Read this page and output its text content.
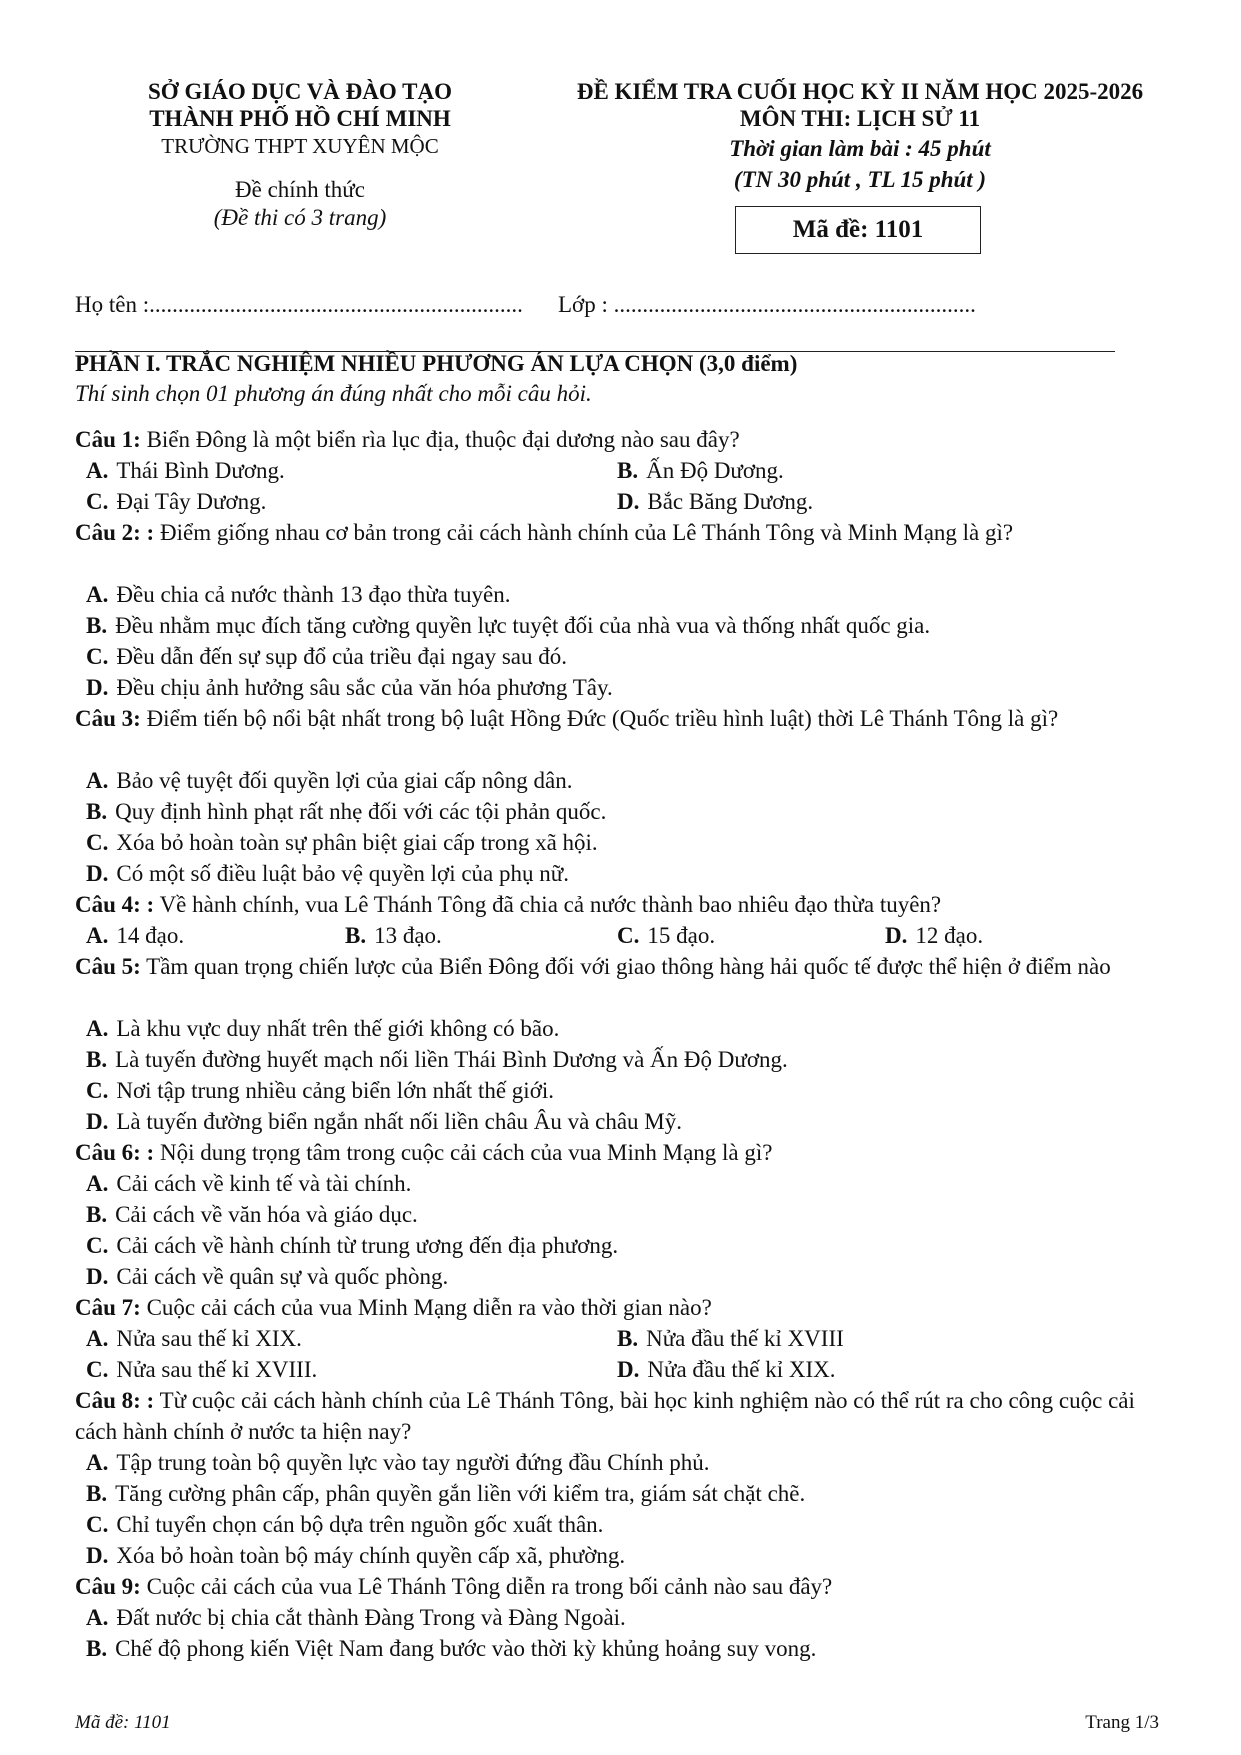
SỞ GIÁO DỤC VÀ ĐÀO TẠO
THÀNH PHỐ HỒ CHÍ MINH
TRƯỜNG THPT XUYÊN MỘC
Đề chính thức
(Đề thi có 3 trang)
ĐỀ KIỂM TRA CUỐI HỌC KỲ II NĂM HỌC 2025-2026
MÔN THI: LỊCH SỬ 11
Thời gian làm bài : 45 phút
(TN 30 phút , TL 15 phút )
Mã đề: 1101
Họ tên :................................................................. Lớp : ...............................................................
PHẦN I. TRẮC NGHIỆM NHIỀU PHƯƠNG ÁN LỰA CHỌN (3,0 điểm)
Thí sinh chọn 01 phương án đúng nhất cho mỗi câu hỏi.
Câu 1: Biển Đông là một biển rìa lục địa, thuộc đại dương nào sau đây?
A. Thái Bình Dương.	B. Ấn Độ Dương.
C. Đại Tây Dương.	D. Bắc Băng Dương.
Câu 2: : Điểm giống nhau cơ bản trong cải cách hành chính của Lê Thánh Tông và Minh Mạng là gì?
A. Đều chia cả nước thành 13 đạo thừa tuyên.
B. Đều nhằm mục đích tăng cường quyền lực tuyệt đối của nhà vua và thống nhất quốc gia.
C. Đều dẫn đến sự sụp đổ của triều đại ngay sau đó.
D. Đều chịu ảnh hưởng sâu sắc của văn hóa phương Tây.
Câu 3: Điểm tiến bộ nổi bật nhất trong bộ luật Hồng Đức (Quốc triều hình luật) thời Lê Thánh Tông là gì?
A. Bảo vệ tuyệt đối quyền lợi của giai cấp nông dân.
B. Quy định hình phạt rất nhẹ đối với các tội phản quốc.
C. Xóa bỏ hoàn toàn sự phân biệt giai cấp trong xã hội.
D. Có một số điều luật bảo vệ quyền lợi của phụ nữ.
Câu 4: : Về hành chính, vua Lê Thánh Tông đã chia cả nước thành bao nhiêu đạo thừa tuyên?
A. 14 đạo.	B. 13 đạo.	C. 15 đạo.	D. 12 đạo.
Câu 5: Tầm quan trọng chiến lược của Biển Đông đối với giao thông hàng hải quốc tế được thể hiện ở điểm nào
A. Là khu vực duy nhất trên thế giới không có bão.
B. Là tuyến đường huyết mạch nối liền Thái Bình Dương và Ấn Độ Dương.
C. Nơi tập trung nhiều cảng biển lớn nhất thế giới.
D. Là tuyến đường biển ngắn nhất nối liền châu Âu và châu Mỹ.
Câu 6: : Nội dung trọng tâm trong cuộc cải cách của vua Minh Mạng là gì?
A. Cải cách về kinh tế và tài chính.
B. Cải cách về văn hóa và giáo dục.
C. Cải cách về hành chính từ trung ương đến địa phương.
D. Cải cách về quân sự và quốc phòng.
Câu 7: Cuộc cải cách của vua Minh Mạng diễn ra vào thời gian nào?
A. Nửa sau thế kỉ XIX.	B. Nửa đầu thế kỉ XVIII
C. Nửa sau thế kỉ XVIII.	D. Nửa đầu thế kỉ XIX.
Câu 8: : Từ cuộc cải cách hành chính của Lê Thánh Tông, bài học kinh nghiệm nào có thể rút ra cho công cuộc cải cách hành chính ở nước ta hiện nay?
A. Tập trung toàn bộ quyền lực vào tay người đứng đầu Chính phủ.
B. Tăng cường phân cấp, phân quyền gắn liền với kiểm tra, giám sát chặt chẽ.
C. Chỉ tuyển chọn cán bộ dựa trên nguồn gốc xuất thân.
D. Xóa bỏ hoàn toàn bộ máy chính quyền cấp xã, phường.
Câu 9: Cuộc cải cách của vua Lê Thánh Tông diễn ra trong bối cảnh nào sau đây?
A. Đất nước bị chia cắt thành Đàng Trong và Đàng Ngoài.
B. Chế độ phong kiến Việt Nam đang bước vào thời kỳ khủng hoảng suy vong.
Mã đề: 1101	Trang 1/3
